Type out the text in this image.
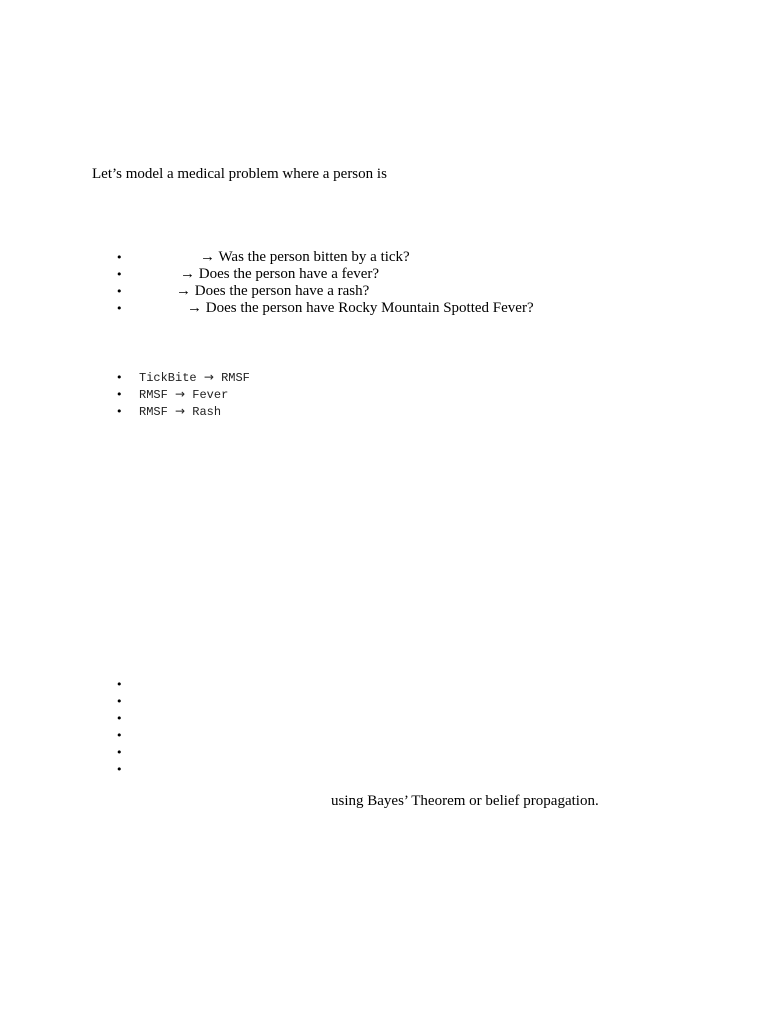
Let’s model a medical problem where a person is
•	→ Was the person bitten by a tick?
•	→ Does the person have a fever?
•	→ Does the person have a rash?
•	→ Does the person have Rocky Mountain Spotted Fever?
• TickBite → RMSF
• RMSF → Fever
• RMSF → Rash
•
•
•
•
•
•
using Bayes’ Theorem or belief propagation.
